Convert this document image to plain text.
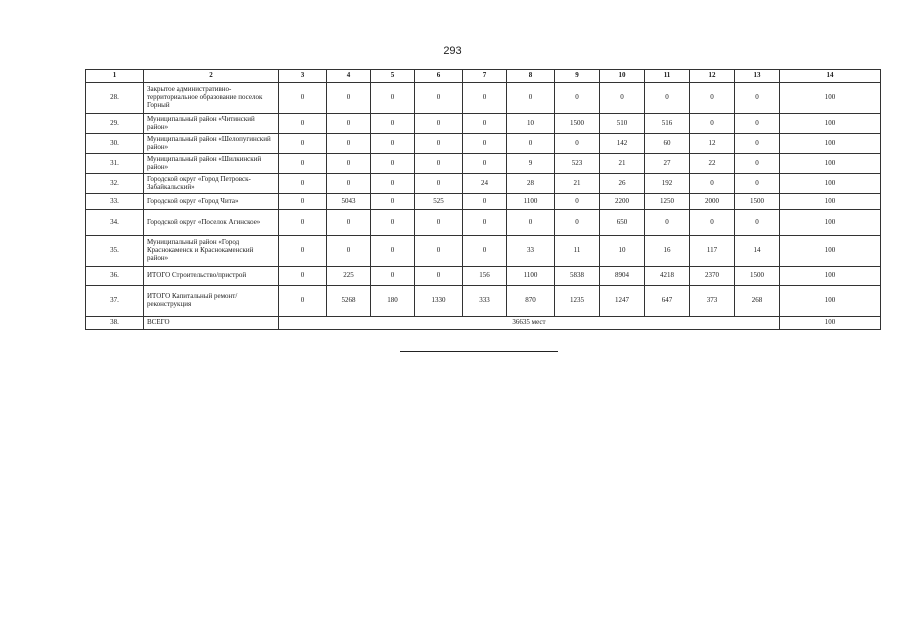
293
1	2	3	4	5	6	7	8	9	10	11	12	13	14
28.	Закрытое административно-территориальное образование поселок Горный	0	0	0	0	0	0	0	0	0	0	0	100
29.	Муниципальный район «Читинский район»	0	0	0	0	0	10	1500	510	516	0	0	100
30.	Муниципальный район «Шелопугинский район»	0	0	0	0	0	0	0	142	60	12	0	100
31.	Муниципальный район «Шилкинский район»	0	0	0	0	0	9	523	21	27	22	0	100
32.	Городской округ «Город Петровск-Забайкальский»	0	0	0	0	24	28	21	26	192	0	0	100
33.	Городской округ «Город Чита»	0	5043	0	525	0	1100	0	2200	1250	2000	1500	100
34.	Городской округ «Поселок Агинское»	0	0	0	0	0	0	0	650	0	0	0	100
35.	Муниципальный район «Город Краснокаменск и Краснокаменский район»	0	0	0	0	0	33	11	10	16	117	14	100
36.	ИТОГО Строительство/пристрой	0	225	0	0	156	1100	5838	8904	4218	2370	1500	100
37.	ИТОГО Капитальный ремонт/реконструкция	0	5268	180	1330	333	870	1235	1247	647	373	268	100
38.	ВСЕГО	36635 мест											100
